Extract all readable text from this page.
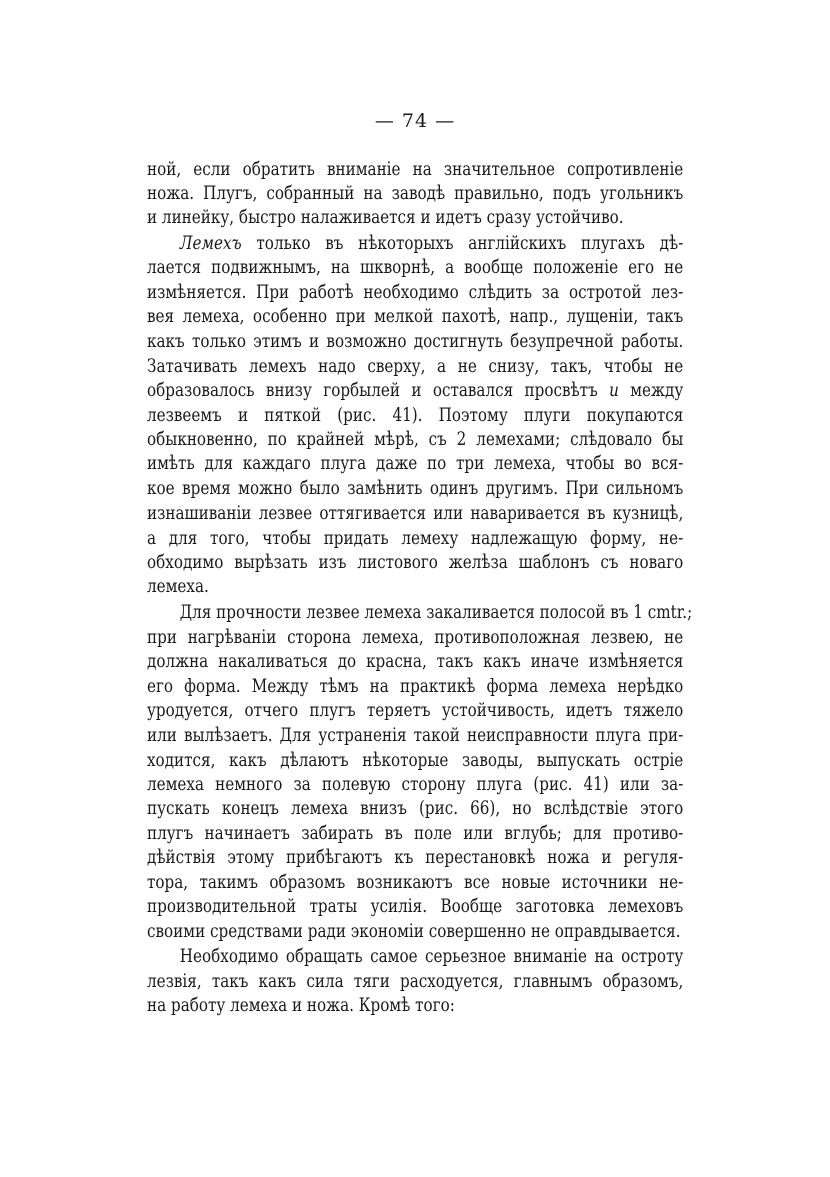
— 74 —
ной, если обратить вниманіе на значительное сопротивленіе
ножа. Плугъ, собранный на заводѣ правильно, подъ угольникъ
и линейку, быстро налаживается и идетъ сразу устойчиво.
Лемехъ только въ нѣкоторыхъ англійскихъ плугахъ дѣ-
лается подвижнымъ, на шкворнѣ, а вообще положеніе его не
измѣняется. При работѣ необходимо слѣдить за остротой лез-
вея лемеха, особенно при мелкой пахотѣ, напр., лущеніи, такъ
какъ только этимъ и возможно достигнуть безупречной работы.
Затачивать лемехъ надо сверху, а не снизу, такъ, чтобы не
образовалось внизу горбылей и оставался просвѣтъ и между
лезвеемъ и пяткой (рис. 41). Поэтому плуги покупаются
обыкновенно, по крайней мѣрѣ, съ 2 лемехами; слѣдовало бы
имѣть для каждаго плуга даже по три лемеха, чтобы во вся-
кое время можно было замѣнить одинъ другимъ. При сильномъ
изнашиваніи лезвее оттягивается или наваривается въ кузницѣ,
а для того, чтобы придать лемеху надлежащую форму, не-
обходимо вырѣзать изъ листового желѣза шаблонъ съ новаго
лемеха.
Для прочности лезвее лемеха закаливается полосой въ 1 сmtr.;
при нагрѣваніи сторона лемеха, противоположная лезвею, не
должна накаливаться до красна, такъ какъ иначе измѣняется
его форма. Между тѣмъ на практикѣ форма лемеха нерѣдко
уродуется, отчего плугъ теряетъ устойчивость, идетъ тяжело
или вылѣзаетъ. Для устраненія такой неисправности плуга при-
ходится, какъ дѣлаютъ нѣкоторые заводы, выпускать остріе
лемеха немного за полевую сторону плуга (рис. 41) или за-
пускать конецъ лемеха внизъ (рис. 66), но вслѣдствіе этого
плугъ начинаетъ забирать въ поле или вглубь; для противо-
дѣйствія этому прибѣгаютъ къ перестановкѣ ножа и регуля-
тора, такимъ образомъ возникаютъ все новые источники не-
производительной траты усилія. Вообще заготовка лемеховъ
своими средствами ради экономіи совершенно не оправдывается.
Необходимо обращать самое серьезное вниманіе на остроту
лезвія, такъ какъ сила тяги расходуется, главнымъ образомъ,
на работу лемеха и ножа. Кромѣ того:
